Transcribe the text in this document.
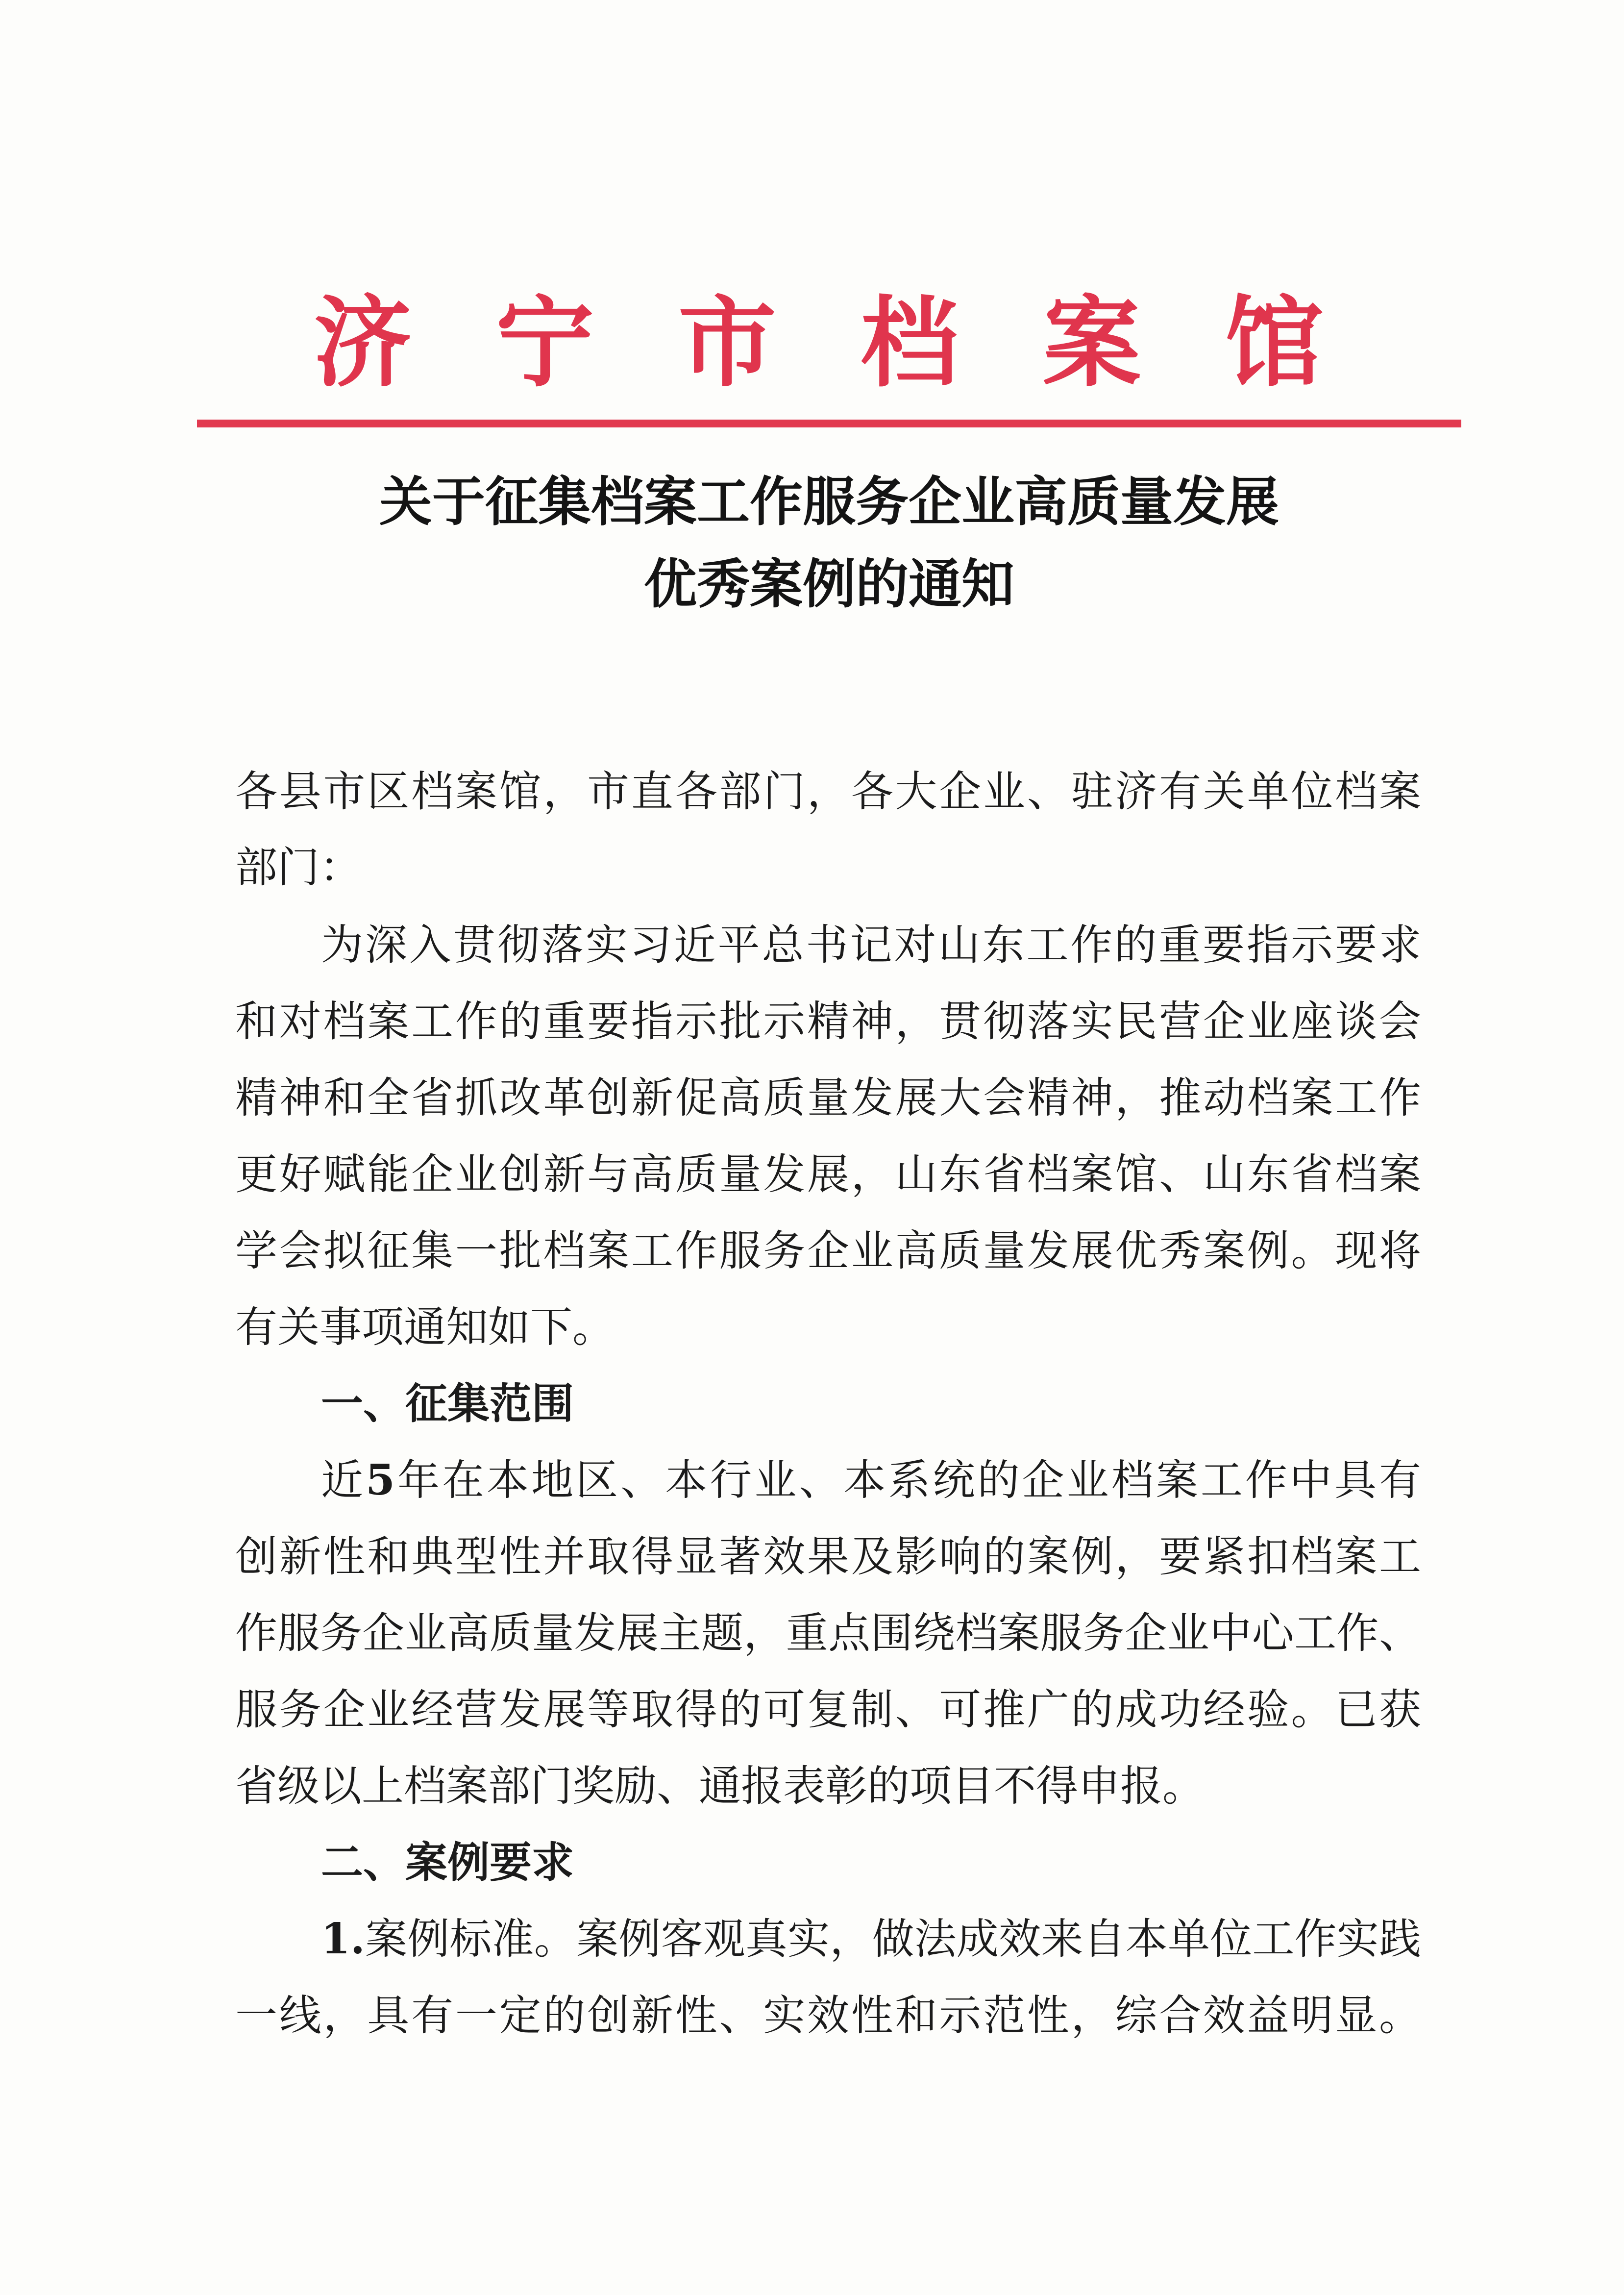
济 宁 市 档 案 馆
关于征集档案工作服务企业高质量发展
优秀案例的通知
各县市区档案馆，市直各部门，各大企业、驻济有关单位档案
部门：
为深入贯彻落实习近平总书记对山东工作的重要指示要求
和对档案工作的重要指示批示精神，贯彻落实民营企业座谈会
精神和全省抓改革创新促高质量发展大会精神，推动档案工作
更好赋能企业创新与高质量发展，山东省档案馆、山东省档案
学会拟征集一批档案工作服务企业高质量发展优秀案例。现将
有关事项通知如下。
一、征集范围
近5年在本地区、本行业、本系统的企业档案工作中具有
创新性和典型性并取得显著效果及影响的案例，要紧扣档案工
作服务企业高质量发展主题，重点围绕档案服务企业中心工作、
服务企业经营发展等取得的可复制、可推广的成功经验。已获
省级以上档案部门奖励、通报表彰的项目不得申报。
二、案例要求
1.案例标准。案例客观真实，做法成效来自本单位工作实践
一线，具有一定的创新性、实效性和示范性，综合效益明显。
